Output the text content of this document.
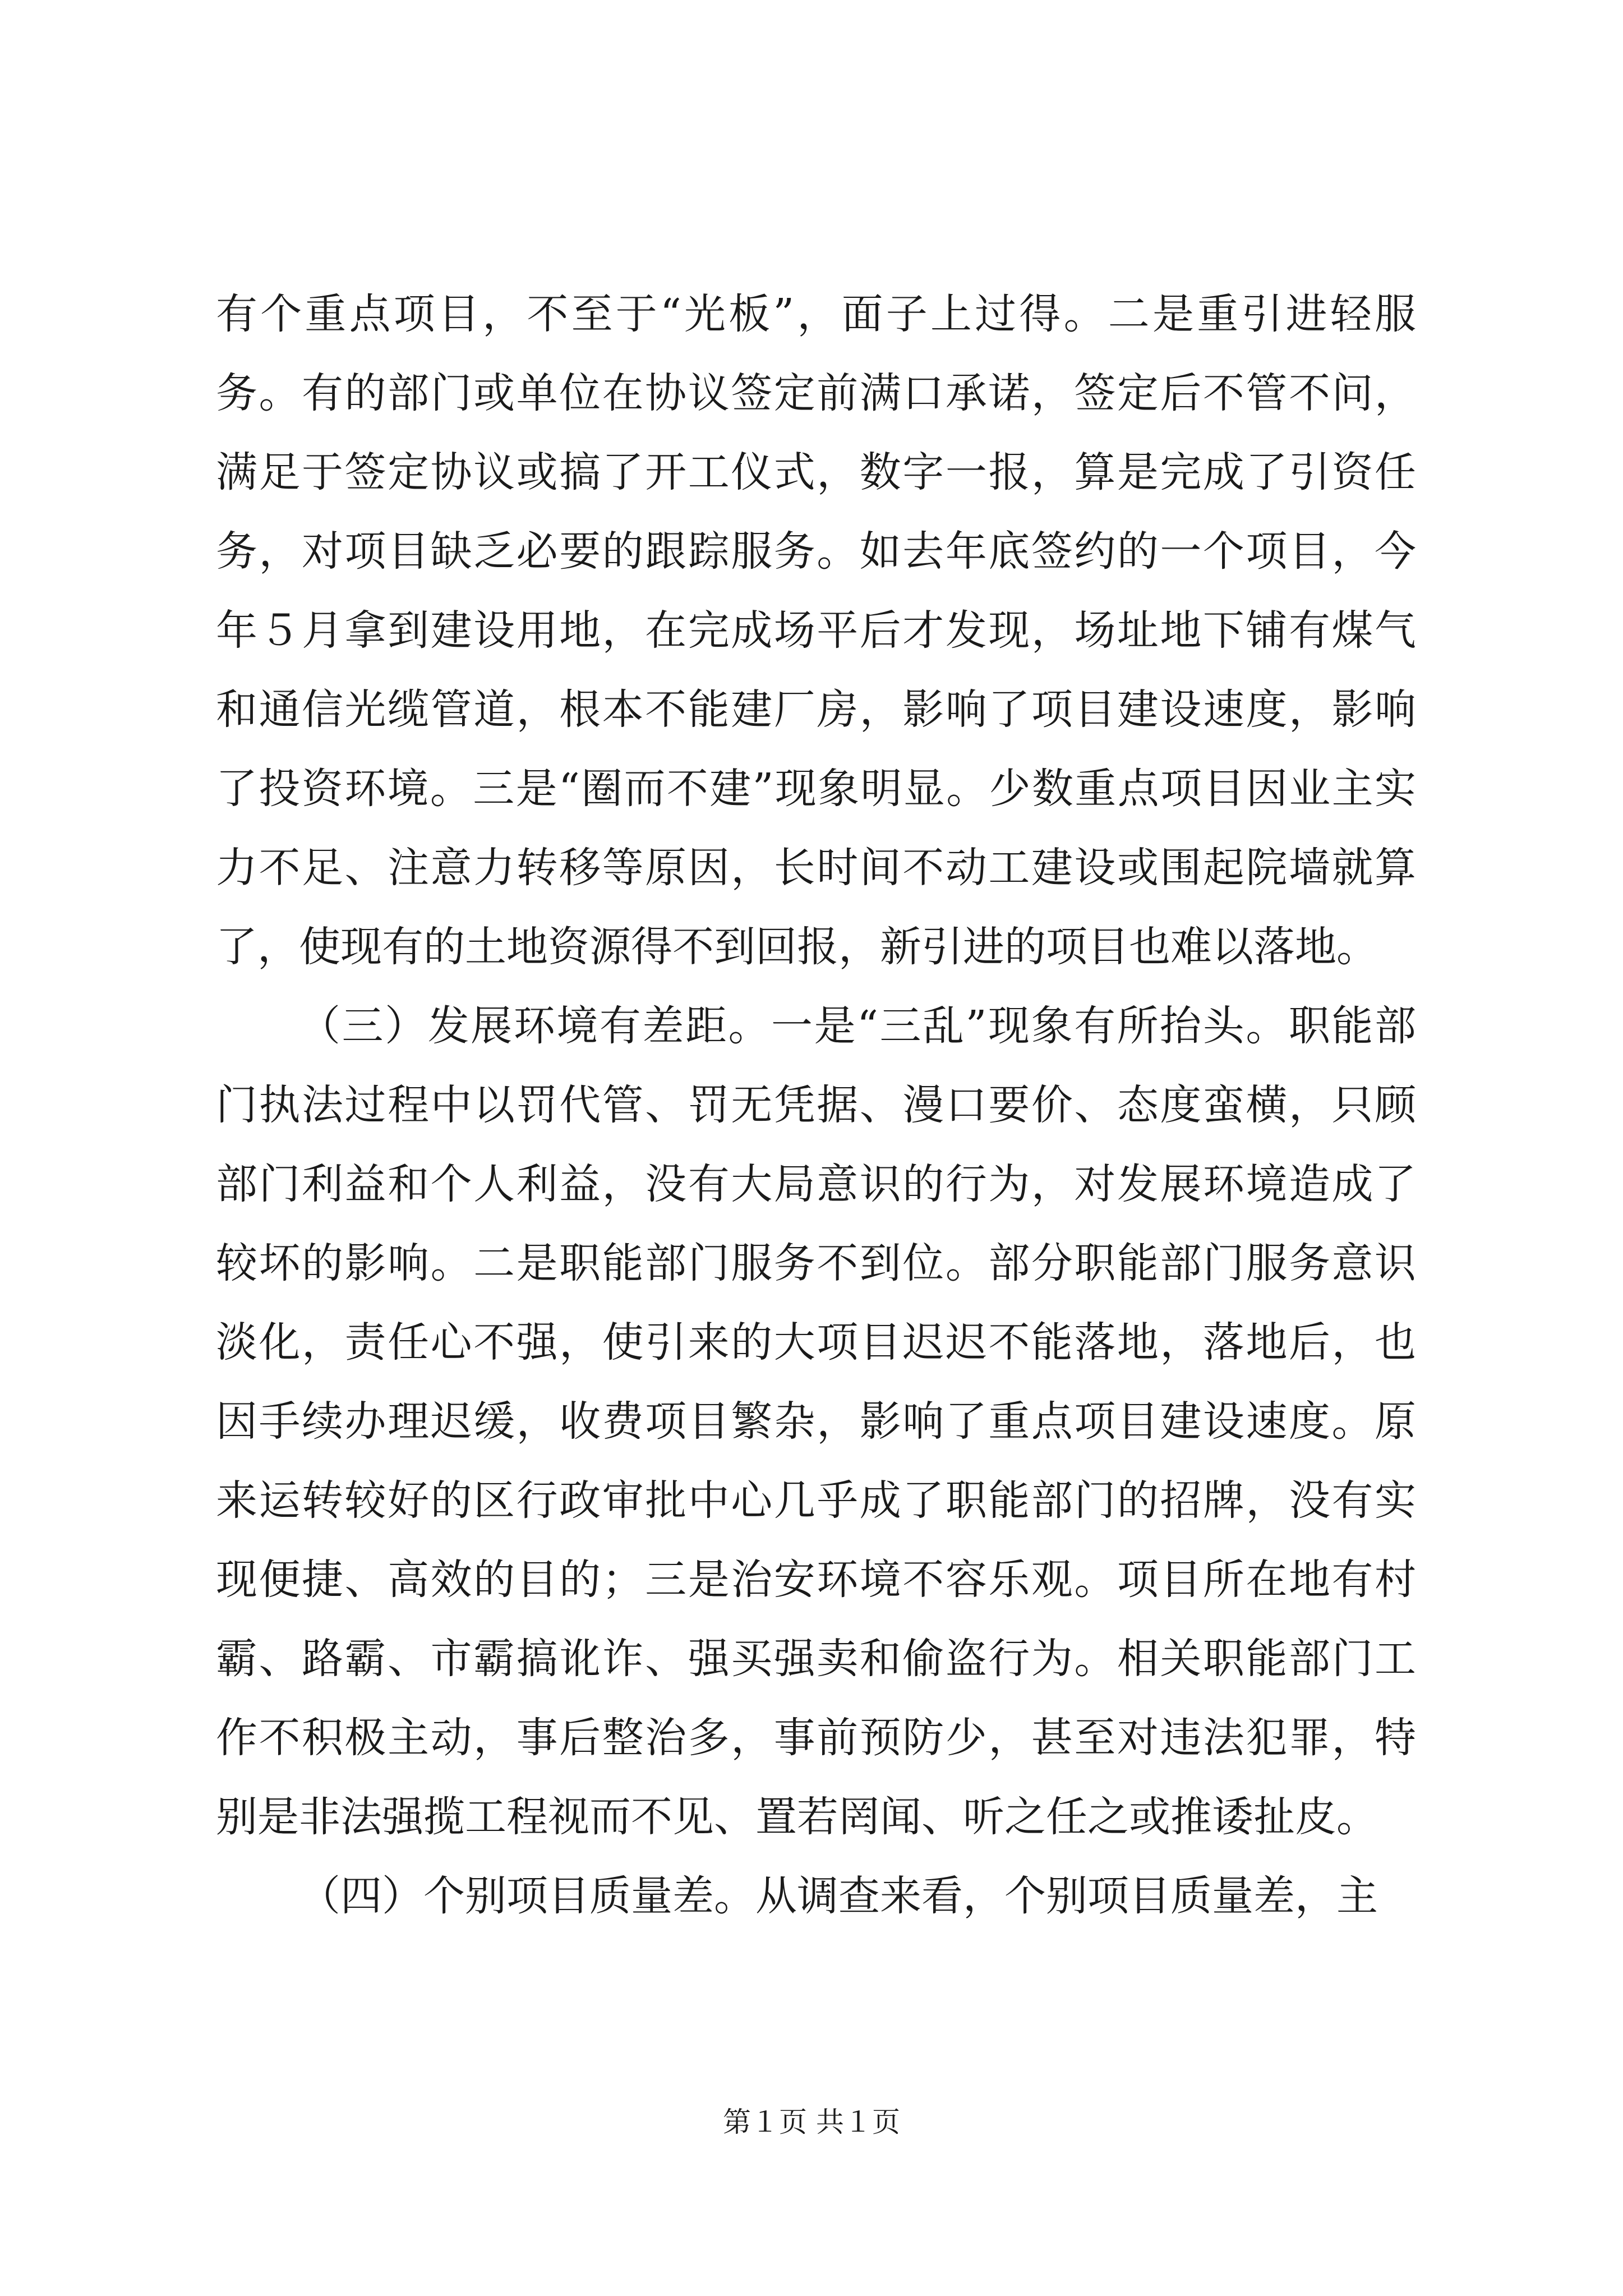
有个重点项目，不至于“光板”，面子上过得。二是重引进轻服务。有的部门或单位在协议签定前满口承诺，签定后不管不问，满足于签定协议或搞了开工仪式，数字一报，算是完成了引资任务，对项目缺乏必要的跟踪服务。如去年底签约的一个项目，今年５月拿到建设用地，在完成场平后才发现，场址地下铺有煤气和通信光缆管道，根本不能建厂房，影响了项目建设速度，影响了投资环境。三是“圈而不建”现象明显。少数重点项目因业主实力不足、注意力转移等原因，长时间不动工建设或围起院墙就算了，使现有的土地资源得不到回报，新引进的项目也难以落地。

（三）发展环境有差距。一是“三乱”现象有所抬头。职能部门执法过程中以罚代管、罚无凭据、漫口要价、态度蛮横，只顾部门利益和个人利益，没有大局意识的行为，对发展环境造成了较坏的影响。二是职能部门服务不到位。部分职能部门服务意识淡化，责任心不强，使引来的大项目迟迟不能落地，落地后，也因手续办理迟缓，收费项目繁杂，影响了重点项目建设速度。原来运转较好的区行政审批中心几乎成了职能部门的招牌，没有实现便捷、高效的目的；三是治安环境不容乐观。项目所在地有村霸、路霸、市霸搞讹诈、强买强卖和偷盗行为。相关职能部门工作不积极主动，事后整治多，事前预防少，甚至对违法犯罪，特别是非法强揽工程视而不见、置若罔闻、听之任之或推诿扯皮。

（四）个别项目质量差。从调查来看，个别项目质量差，主

第１页 共１页
